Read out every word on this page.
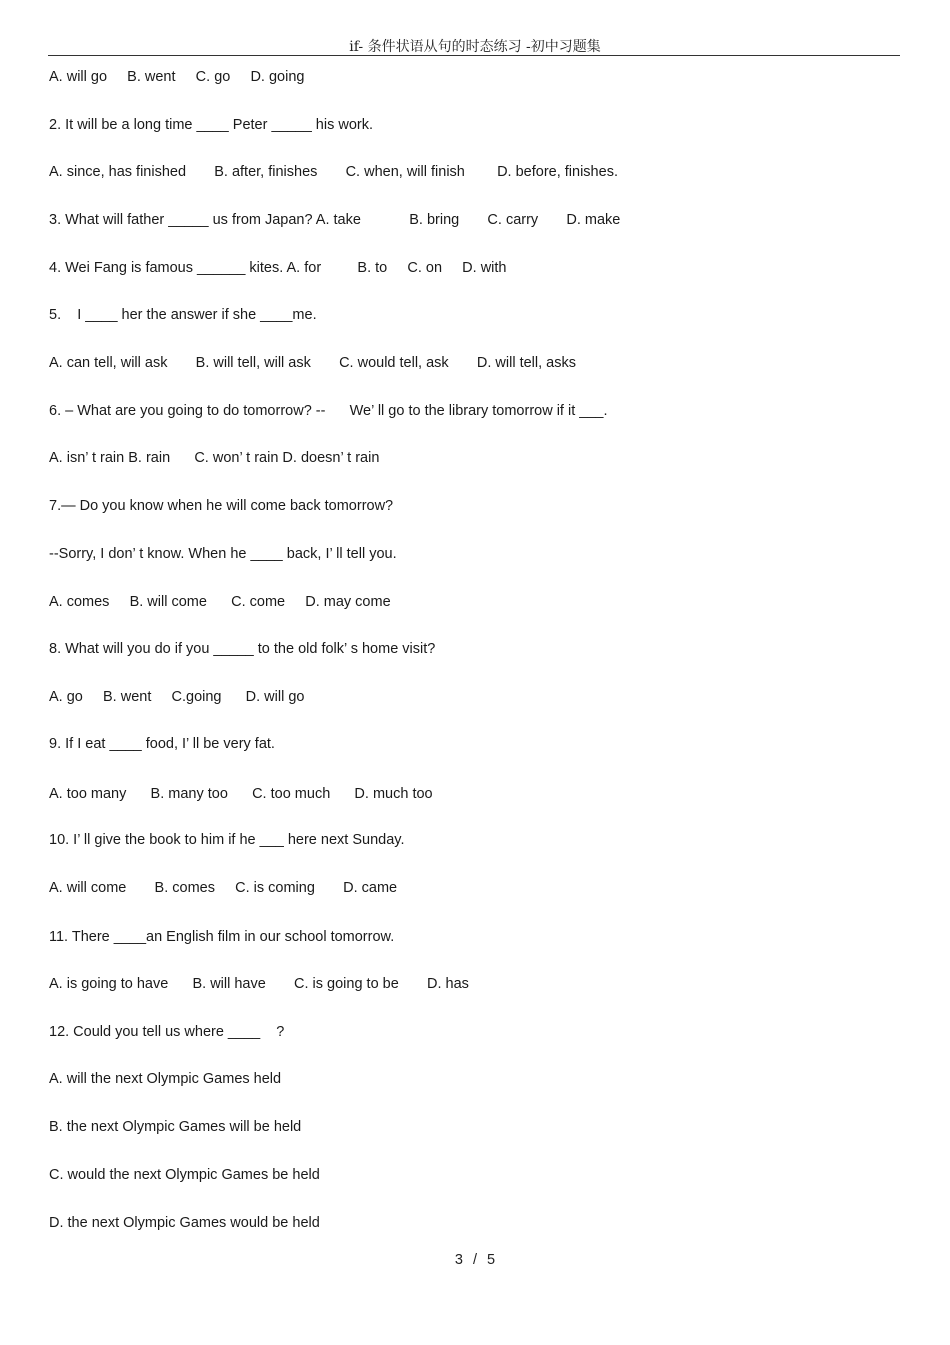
if- 条件状语从句的时态练习 -初中习题集
A. will go     B. went     C. go     D. going
2. It will be a long time ____ Peter _____ his work.
A. since, has finished       B. after, finishes       C. when, will finish        D. before, finishes.
3. What will father _____ us from Japan? A. take            B. bring       C. carry       D. make
4. Wei Fang is famous ______ kites. A. for         B. to     C. on     D. with
5.    I ____ her the answer if she ____me.
A. can tell, will ask       B. will tell, will ask       C. would tell, ask       D. will tell, asks
6. – What are you going to do tomorrow? --      We’ ll go to the library tomorrow if it ___.
A. isn’ t rain B. rain      C. won’ t rain D. doesn’ t rain
7.— Do you know when he will come back tomorrow?
--Sorry, I don’ t know. When he ____ back, I’ ll tell you.
A. comes     B. will come      C. come     D. may come
8. What will you do if you _____ to the old folk’ s home visit?
A. go     B. went     C.going      D. will go
9. If I eat ____ food, I’ ll be very fat.
A. too many      B. many too      C. too much      D. much too
10. I’ ll give the book to him if he ___ here next Sunday.
A. will come       B. comes     C. is coming       D. came
11. There ____an English film in our school tomorrow.
A. is going to have      B. will have       C. is going to be       D. has
12. Could you tell us where ____    ?
A. will the next Olympic Games held
B. the next Olympic Games will be held
C. would the next Olympic Games be held
D. the next Olympic Games would be held
3 / 5
